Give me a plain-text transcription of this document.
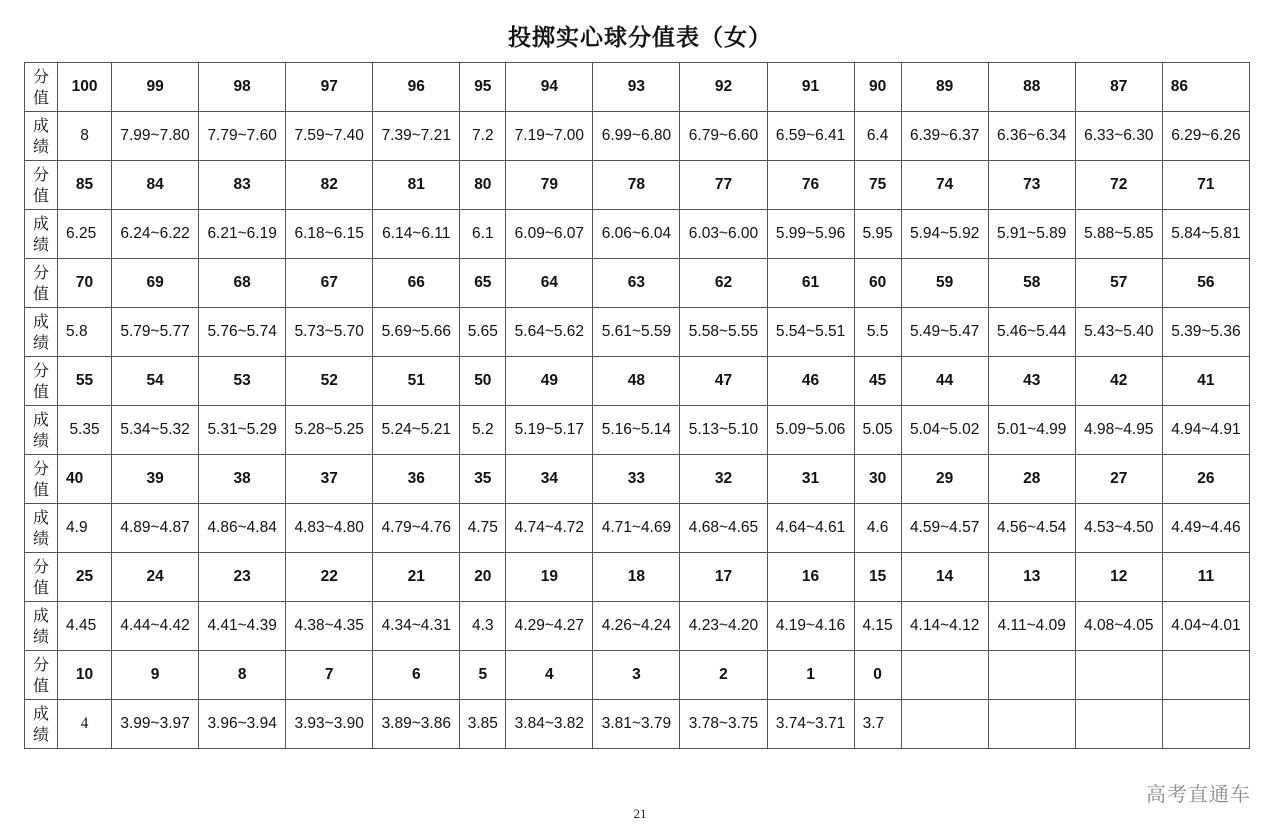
投掷实心球分值表（女）
分 值	100	99	98	97	96	95	94	93	92	91	90	89	88	87	86
成 绩	8	7.99~7.80	7.79~7.60	7.59~7.40	7.39~7.21	7.2	7.19~7.00	6.99~6.80	6.79~6.60	6.59~6.41	6.4	6.39~6.37	6.36~6.34	6.33~6.30	6.29~6.26
分 值	85	84	83	82	81	80	79	78	77	76	75	74	73	72	71
成 绩	6.25	6.24~6.22	6.21~6.19	6.18~6.15	6.14~6.11	6.1	6.09~6.07	6.06~6.04	6.03~6.00	5.99~5.96	5.95	5.94~5.92	5.91~5.89	5.88~5.85	5.84~5.81
分 值	70	69	68	67	66	65	64	63	62	61	60	59	58	57	56
成 绩	5.8	5.79~5.77	5.76~5.74	5.73~5.70	5.69~5.66	5.65	5.64~5.62	5.61~5.59	5.58~5.55	5.54~5.51	5.5	5.49~5.47	5.46~5.44	5.43~5.40	5.39~5.36
分 值	55	54	53	52	51	50	49	48	47	46	45	44	43	42	41
成 绩	5.35	5.34~5.32	5.31~5.29	5.28~5.25	5.24~5.21	5.2	5.19~5.17	5.16~5.14	5.13~5.10	5.09~5.06	5.05	5.04~5.02	5.01~4.99	4.98~4.95	4.94~4.91
分 值	40	39	38	37	36	35	34	33	32	31	30	29	28	27	26
成 绩	4.9	4.89~4.87	4.86~4.84	4.83~4.80	4.79~4.76	4.75	4.74~4.72	4.71~4.69	4.68~4.65	4.64~4.61	4.6	4.59~4.57	4.56~4.54	4.53~4.50	4.49~4.46
分 值	25	24	23	22	21	20	19	18	17	16	15	14	13	12	11
成 绩	4.45	4.44~4.42	4.41~4.39	4.38~4.35	4.34~4.31	4.3	4.29~4.27	4.26~4.24	4.23~4.20	4.19~4.16	4.15	4.14~4.12	4.11~4.09	4.08~4.05	4.04~4.01
分 值	10	9	8	7	6	5	4	3	2	1	0				
成 绩	4	3.99~3.97	3.96~3.94	3.93~3.90	3.89~3.86	3.85	3.84~3.82	3.81~3.79	3.78~3.75	3.74~3.71	3.7				
高考直通车
21
